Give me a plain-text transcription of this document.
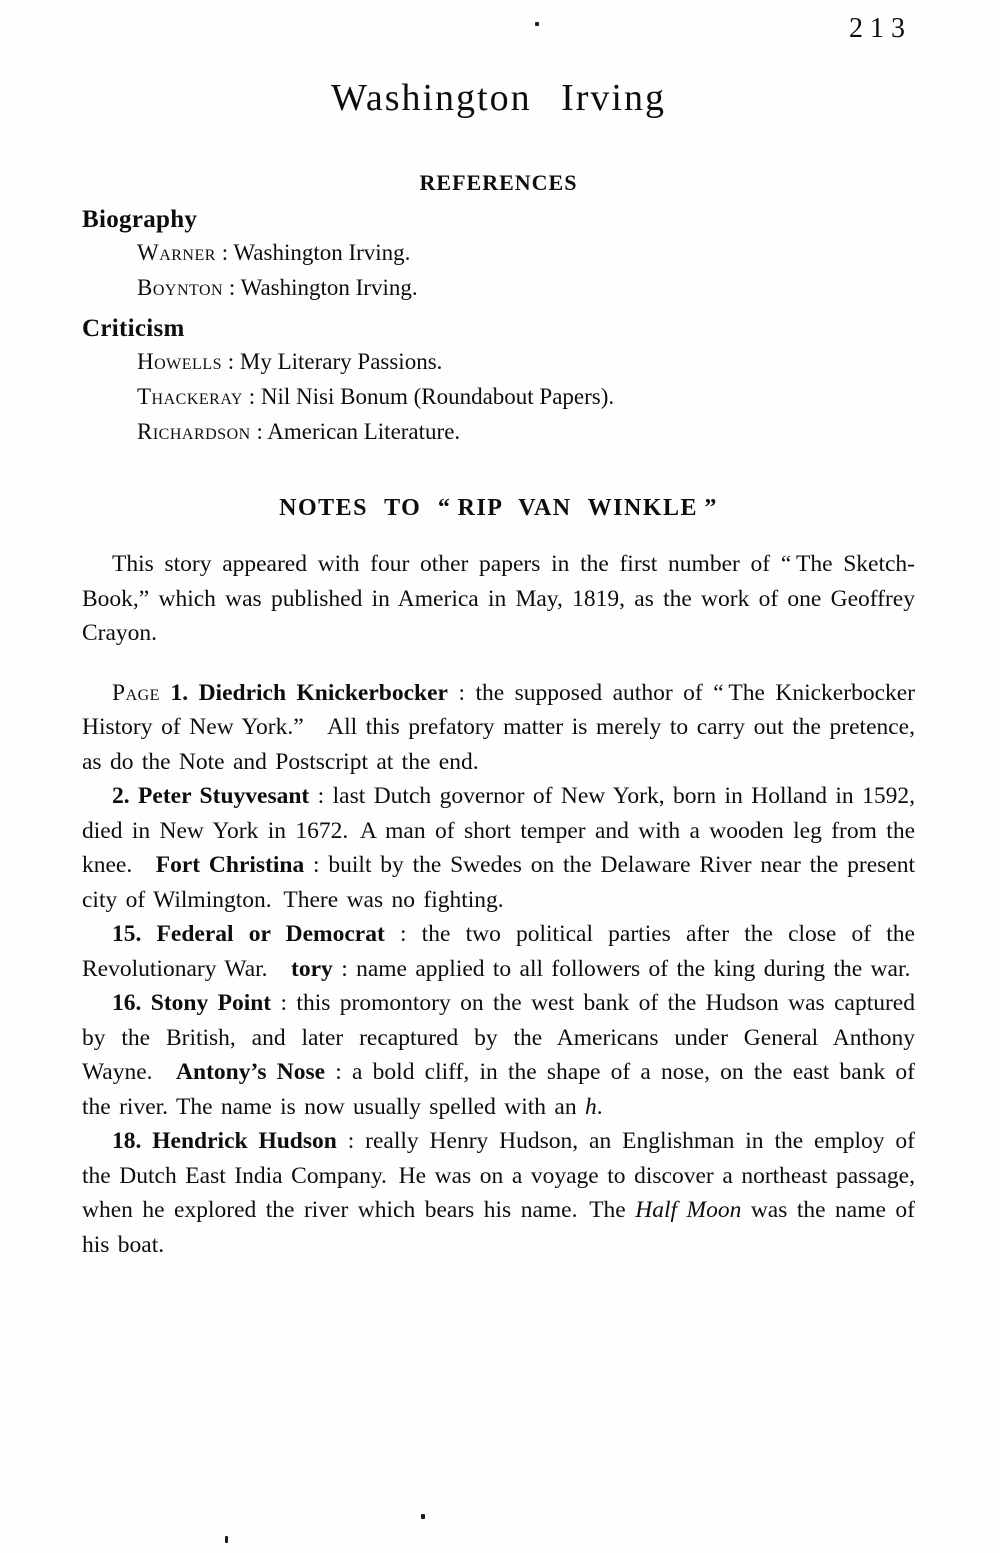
Washington Irving
213
REFERENCES
Biography
Warner : Washington Irving.
Boynton : Washington Irving.
Criticism
Howells : My Literary Passions.
Thackeray : Nil Nisi Bonum (Roundabout Papers).
Richardson : American Literature.
NOTES TO “ RIP VAN WINKLE ”

This story appeared with four other papers in the first number of “ The Sketch-Book,” which was published in America in May, 1819, as the work of one Geoffrey Crayon.

Page 1. Diedrich Knickerbocker : the supposed author of “ The Knickerbocker History of New York.” All this prefatory matter is merely to carry out the pretence, as do the Note and Postscript at the end.

2. Peter Stuyvesant : last Dutch governor of New York, born in Holland in 1592, died in New York in 1672. A man of short temper and with a wooden leg from the knee. Fort Christina : built by the Swedes on the Delaware River near the present city of Wilmington. There was no fighting.

15. Federal or Democrat : the two political parties after the close of the Revolutionary War. tory : name applied to all followers of the king during the war.

16. Stony Point : this promontory on the west bank of the Hudson was captured by the British, and later recaptured by the Americans under General Anthony Wayne. Antony’s Nose : a bold cliff, in the shape of a nose, on the east bank of the river. The name is now usually spelled with an h.

18. Hendrick Hudson : really Henry Hudson, an Englishman in the employ of the Dutch East India Company. He was on a voyage to discover a northeast passage, when he explored the river which bears his name. The Half Moon was the name of his boat.
